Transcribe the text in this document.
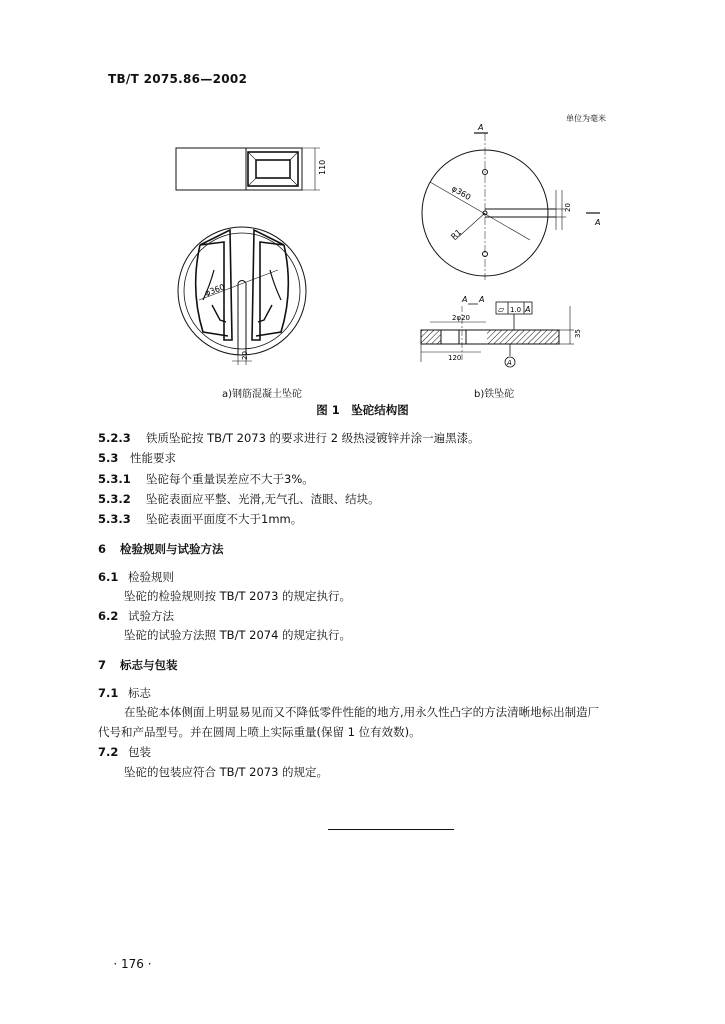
TB/T 2075.86—2002
110
φ360
20
单位为毫米
A
φ360
R1
20
A
A A
▱ 1.0 A
2φ20
35
120
A
a)钢筋混凝土坠砣	b)铁坠砣
图 1　坠砣结构图
5.2.3 铁质坠砣按 TB/T 2073 的要求进行 2 级热浸镀锌并涂一遍黑漆。
5.3 性能要求
5.3.1 坠砣每个重量误差应不大于3%。
5.3.2 坠砣表面应平整、光滑,无气孔、渣眼、结块。
5.3.3 坠砣表面平面度不大于1mm。
6 检验规则与试验方法
6.1 检验规则
坠砣的检验规则按 TB/T 2073 的规定执行。
6.2 试验方法
坠砣的试验方法照 TB/T 2074 的规定执行。
7 标志与包装
7.1 标志
在坠砣本体侧面上明显易见而又不降低零件性能的地方,用永久性凸字的方法清晰地标出制造厂
代号和产品型号。并在圆周上喷上实际重量(保留 1 位有效数)。
7.2 包装
坠砣的包装应符合 TB/T 2073 的规定。
· 176 ·
